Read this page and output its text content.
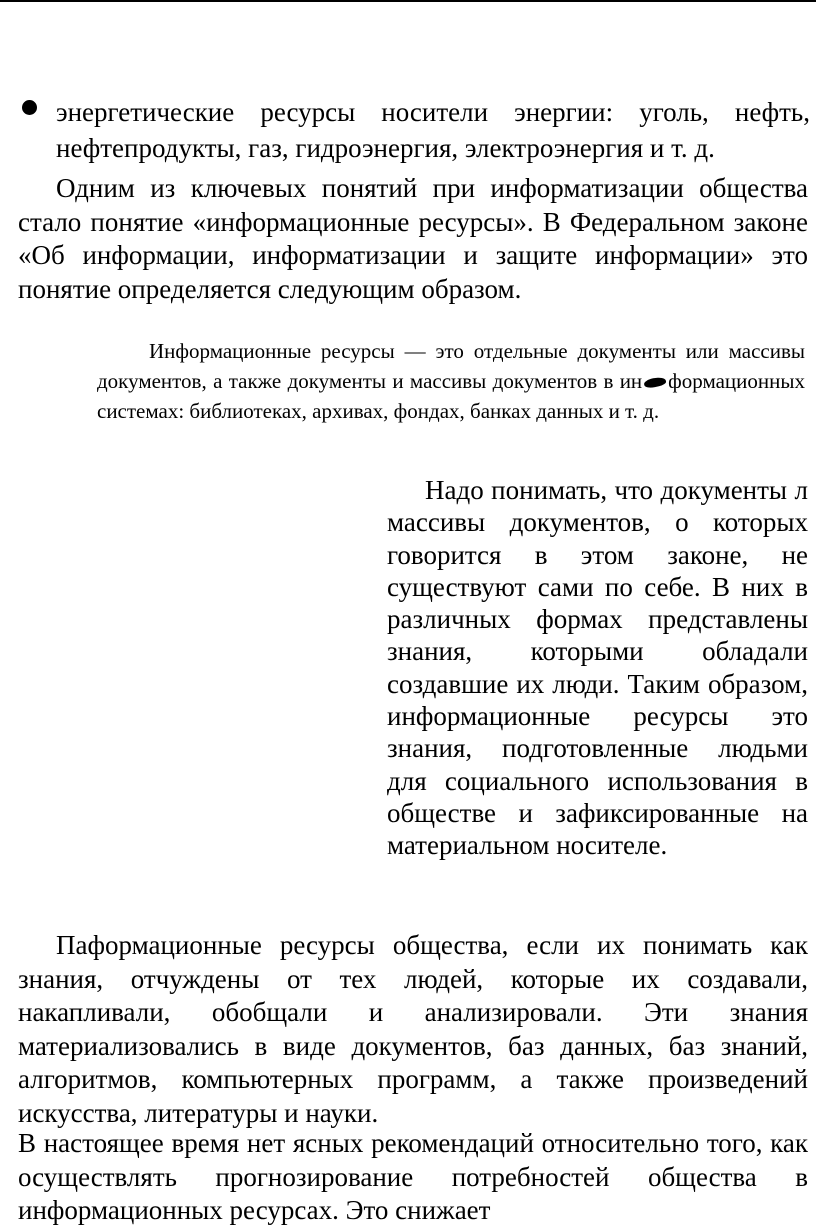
энергетические ресурсы носители энергии: уголь, нефть, нефтепродукты, газ, гидроэнергия, электроэнергия и т. д.
Одним из ключевых понятий при информатизации общества стало понятие «информационные ресурсы». В Федеральном законе «Об информации, информатизации и защите информации» это понятие определяется следующим образом.
Информационные ресурсы — это отдельные документы или массивы документов, а также документы и массивы документов в ин формационных системах: библиотеках, архивах, фондах, банках данных и т. д.
Надо понимать, что документы л массивы документов, о которых говорится в этом законе, не существуют сами по себе. В них в различных формах представлены знания, которыми обладали создавшие их люди. Таким образом, информационные ресурсы это знания, подготовленные людьми для социального использования в обществе и зафиксированные на материальном носителе.
Паформационные ресурсы общества, если их понимать как знания, отчуждены от тех людей, которые их создавали, накапливали, обобщали и анализировали. Эти знания материализовались в виде документов, баз данных, баз знаний, алгоритмов, компьютерных программ, а также произведений искусства, литературы и науки.
В настоящее время нет ясных рекомендаций относительно того, как осуществлять прогнозирование потребностей общества в информационных ресурсах. Это снижает
